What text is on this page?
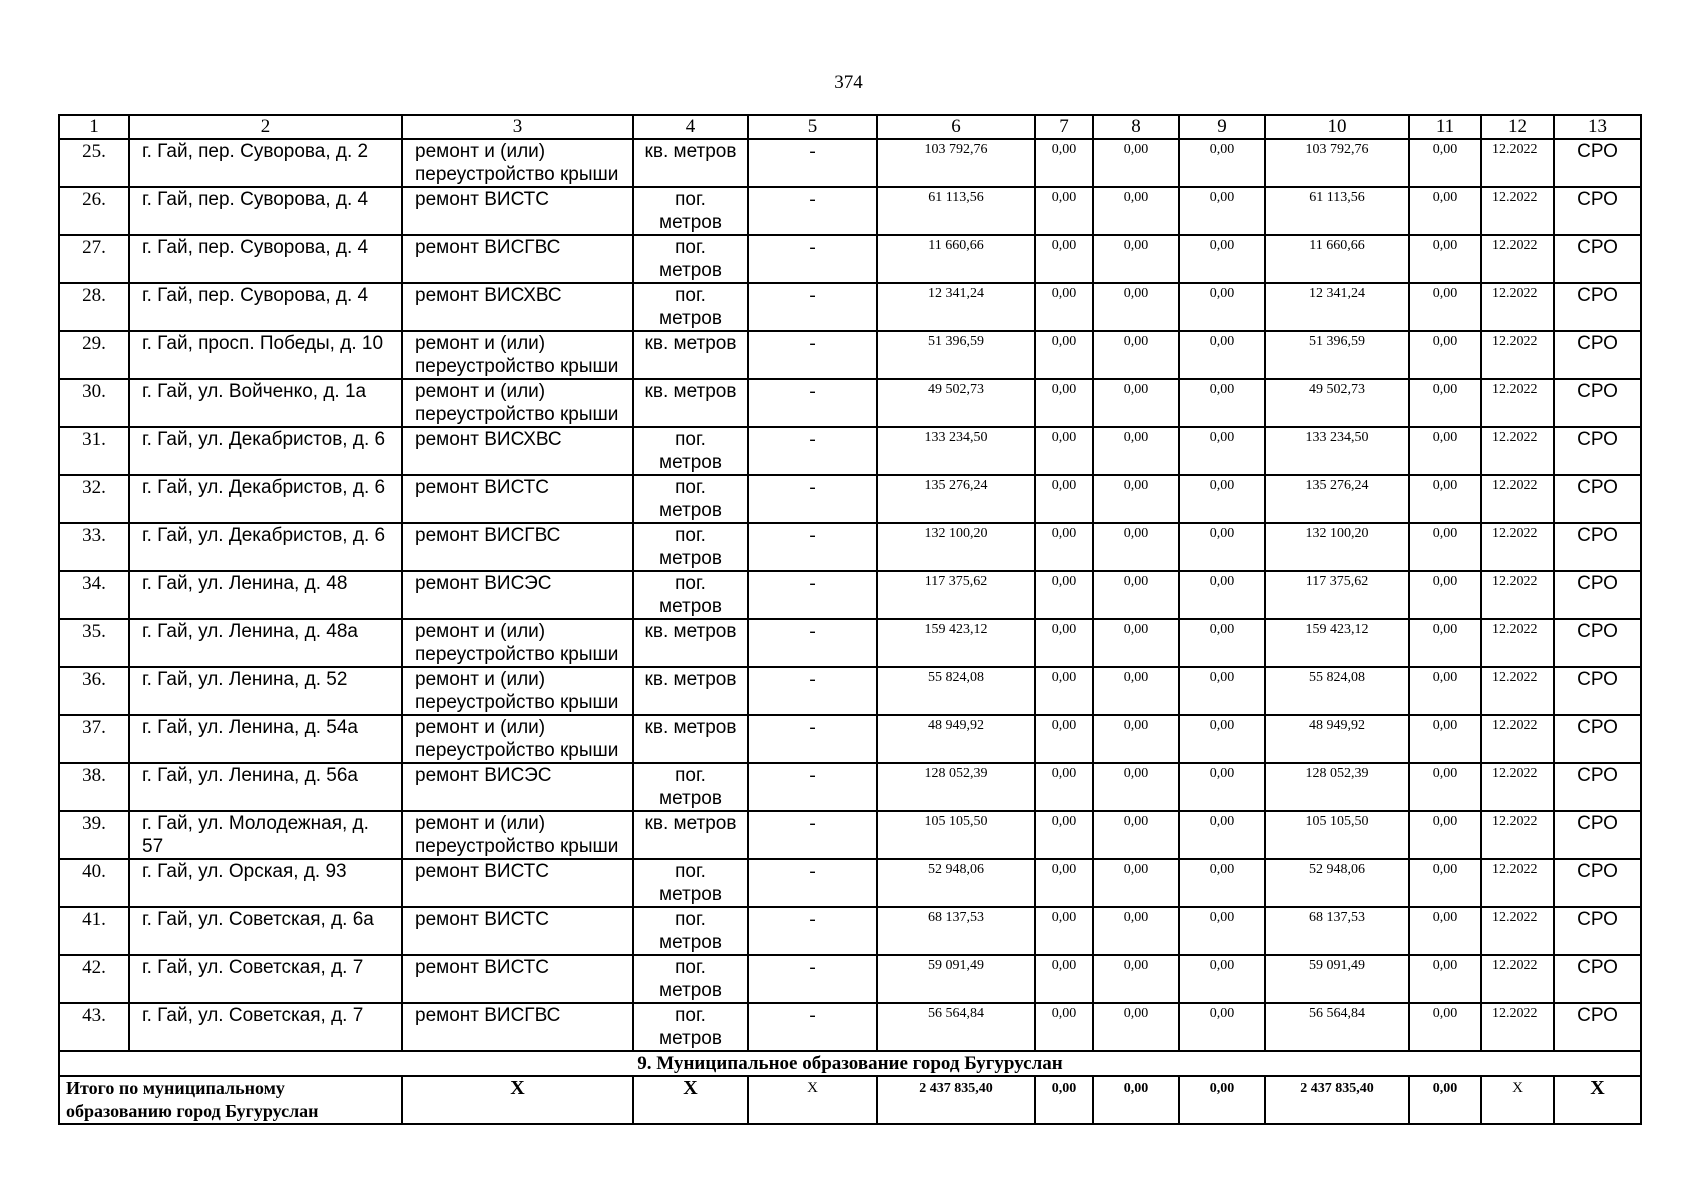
374
1	2	3	4	5	6	7	8	9	10	11	12	13
25.	г. Гай, пер. Суворова, д. 2	ремонт и (или)
переустройство крыши	кв. метров	-	103 792,76	0,00	0,00	0,00	103 792,76	0,00	12.2022	СРО
26.	г. Гай, пер. Суворова, д. 4	ремонт ВИСТС	пог.
метров	-	61 113,56	0,00	0,00	0,00	61 113,56	0,00	12.2022	СРО
27.	г. Гай, пер. Суворова, д. 4	ремонт ВИСГВС	пог.
метров	-	11 660,66	0,00	0,00	0,00	11 660,66	0,00	12.2022	СРО
28.	г. Гай, пер. Суворова, д. 4	ремонт ВИСХВС	пог.
метров	-	12 341,24	0,00	0,00	0,00	12 341,24	0,00	12.2022	СРО
29.	г. Гай, просп. Победы, д. 10	ремонт и (или)
переустройство крыши	кв. метров	-	51 396,59	0,00	0,00	0,00	51 396,59	0,00	12.2022	СРО
30.	г. Гай, ул. Войченко, д. 1а	ремонт и (или)
переустройство крыши	кв. метров	-	49 502,73	0,00	0,00	0,00	49 502,73	0,00	12.2022	СРО
31.	г. Гай, ул. Декабристов, д. 6	ремонт ВИСХВС	пог.
метров	-	133 234,50	0,00	0,00	0,00	133 234,50	0,00	12.2022	СРО
32.	г. Гай, ул. Декабристов, д. 6	ремонт ВИСТС	пог.
метров	-	135 276,24	0,00	0,00	0,00	135 276,24	0,00	12.2022	СРО
33.	г. Гай, ул. Декабристов, д. 6	ремонт ВИСГВС	пог.
метров	-	132 100,20	0,00	0,00	0,00	132 100,20	0,00	12.2022	СРО
34.	г. Гай, ул. Ленина, д. 48	ремонт ВИСЭС	пог.
метров	-	117 375,62	0,00	0,00	0,00	117 375,62	0,00	12.2022	СРО
35.	г. Гай, ул. Ленина, д. 48а	ремонт и (или)
переустройство крыши	кв. метров	-	159 423,12	0,00	0,00	0,00	159 423,12	0,00	12.2022	СРО
36.	г. Гай, ул. Ленина, д. 52	ремонт и (или)
переустройство крыши	кв. метров	-	55 824,08	0,00	0,00	0,00	55 824,08	0,00	12.2022	СРО
37.	г. Гай, ул. Ленина, д. 54а	ремонт и (или)
переустройство крыши	кв. метров	-	48 949,92	0,00	0,00	0,00	48 949,92	0,00	12.2022	СРО
38.	г. Гай, ул. Ленина, д. 56а	ремонт ВИСЭС	пог.
метров	-	128 052,39	0,00	0,00	0,00	128 052,39	0,00	12.2022	СРО
39.	г. Гай, ул. Молодежная, д. 57	ремонт и (или)
переустройство крыши	кв. метров	-	105 105,50	0,00	0,00	0,00	105 105,50	0,00	12.2022	СРО
40.	г. Гай, ул. Орская, д. 93	ремонт ВИСТС	пог.
метров	-	52 948,06	0,00	0,00	0,00	52 948,06	0,00	12.2022	СРО
41.	г. Гай, ул. Советская, д. 6а	ремонт ВИСТС	пог.
метров	-	68 137,53	0,00	0,00	0,00	68 137,53	0,00	12.2022	СРО
42.	г. Гай, ул. Советская, д. 7	ремонт ВИСТС	пог.
метров	-	59 091,49	0,00	0,00	0,00	59 091,49	0,00	12.2022	СРО
43.	г. Гай, ул. Советская, д. 7	ремонт ВИСГВС	пог.
метров	-	56 564,84	0,00	0,00	0,00	56 564,84	0,00	12.2022	СРО
9. Муниципальное образование город Бугуруслан												

Итого по муниципальному
образованию город Бугуруслан		X	X	X	2 437 835,40	0,00	0,00	0,00	2 437 835,40	0,00	X	X
